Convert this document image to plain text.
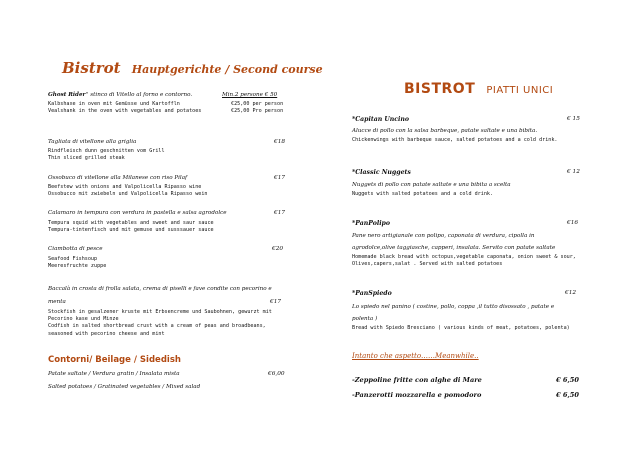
Bistrot Hauptgerichte / Second course
Ghost Rider'' stinco di Vitello al forno e contorno.	Min.2 persone € 50
Kalbshaxe in oven mit Gemüsse und Kartoffln
Vealshank in the oven with vegetables and potatoes
€25,00 per person
€25,00 Pro person
Tagliata di vitellone alla griglia	€18
Rindfleisch dunn geschnitten vom Grill
Thin sliced grilled steak
Ossobuco di vitellone alla Milanese con riso Pilaf	€17
Beefstew with onions and Valpolicella Ripasso wine
Ossobucco mit zwiebeln und Valpolicella Ripasso wein
Calamaro in tempura con verdura in pastella e salsa agrodolce	€17
Tempura squid with vegetables and sweet and saur sauce
Tempura-tintenfisch und mit gemuse und susssauer sauce
Ciambotta di pesce	€20
Seafood Fishsoup
Meeresfruchte zuppe
Baccalà in crosta di frolla salata, crema di piselli e fave condite con pecorino e
menta	€17
Stockfish in gesalzener kruste mit Erbsencreme und Saubohnen, gewurzt mit
Pecorino kase und Minze
Codfish in salted shortbread crust with a cream of peas and broadbeans,
seasoned with pecorino cheese and mint
Contorni/ Beilage / Sidedish
Patate saltate / Verdura gratin / Insalata mista	€6,00
Salted potatoes / Gratinated vegetables / Mixed salad
BISTROT PIATTI UNICI
*Capitan Uncino	€ 15
Alucce di pollo con la salsa barbeque, patate saltate e una bibita.
Chickenwings with barbeque sauce, salted potatoes and a cold drink.
*Classic Nuggets	€ 12
Nuggets di pollo con patate saltate e una bibita a scelta
Nuggets with salted potatoes and a cold drink.
*PanPolipo	€16
Pane nero artigianale con polipo, caponata di verdura, cipolla in
agrodolce,olive taggiasche, capperi, insalata. Servito con patate saltate
Homemade black bread with octopus,vegetable caponata, onion sweet & sour,
Olives,capers,salat . Served with salted potatoes
*PanSpiedo	€12
Lo spiedo nel panino ( costine, pollo, coppa ,il tutto disossato , patate e
polenta )
Bread with Spiedo Bresciano ( various kinds of meat, potatoes, polenta)
Intanto che aspetto……Meanwhile..
-Zeppoline fritte con alghe di Mare	€ 6,50
-Panzerotti mozzarella e pomodoro	€ 6,50
